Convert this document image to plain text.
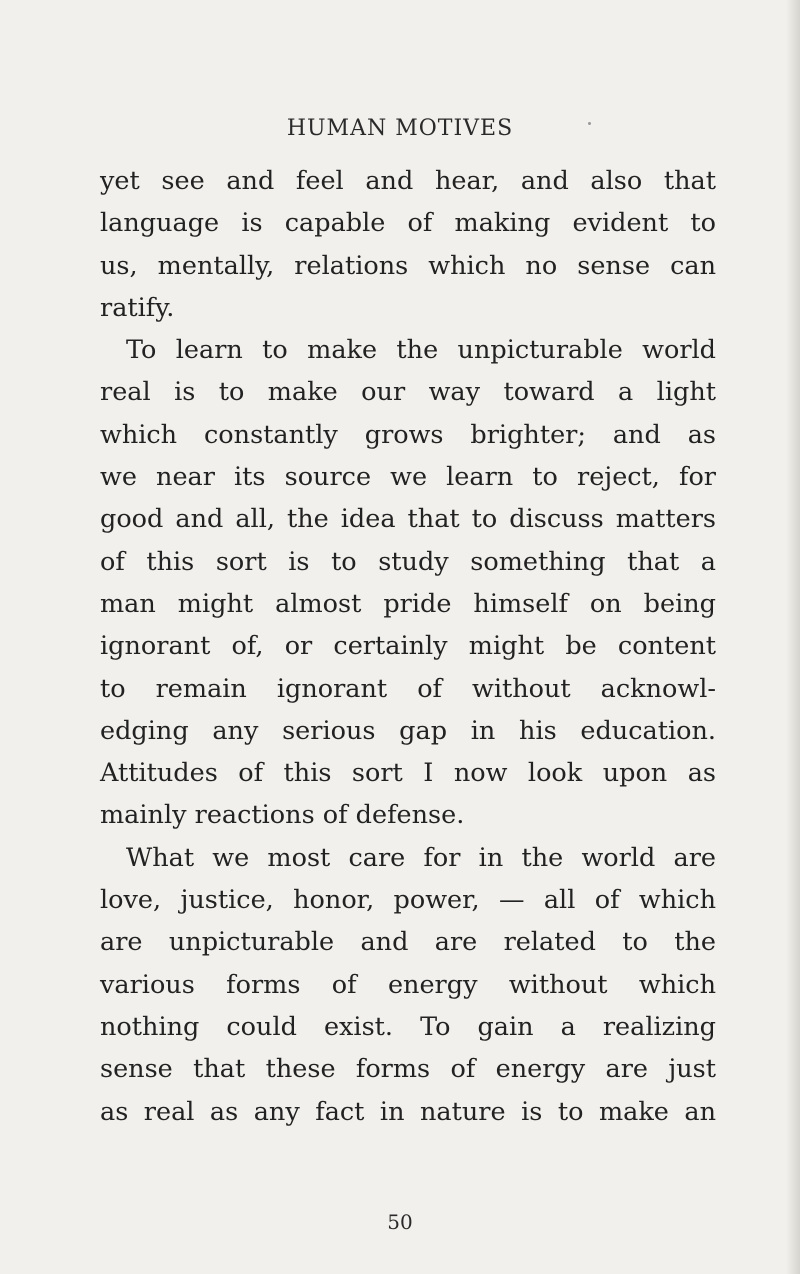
HUMAN MOTIVES
yet see and feel and hear, and also that
language is capable of making evident to
us, mentally, relations which no sense can
ratify.
To learn to make the unpicturable world
real is to make our way toward a light
which constantly grows brighter; and as
we near its source we learn to reject, for
good and all, the idea that to discuss matters
of this sort is to study something that a
man might almost pride himself on being
ignorant of, or certainly might be content
to remain ignorant of without acknowl-
edging any serious gap in his education.
Attitudes of this sort I now look upon as
mainly reactions of defense.
What we most care for in the world are
love, justice, honor, power, — all of which
are unpicturable and are related to the
various forms of energy without which
nothing could exist. To gain a realizing
sense that these forms of energy are just
as real as any fact in nature is to make an
50
